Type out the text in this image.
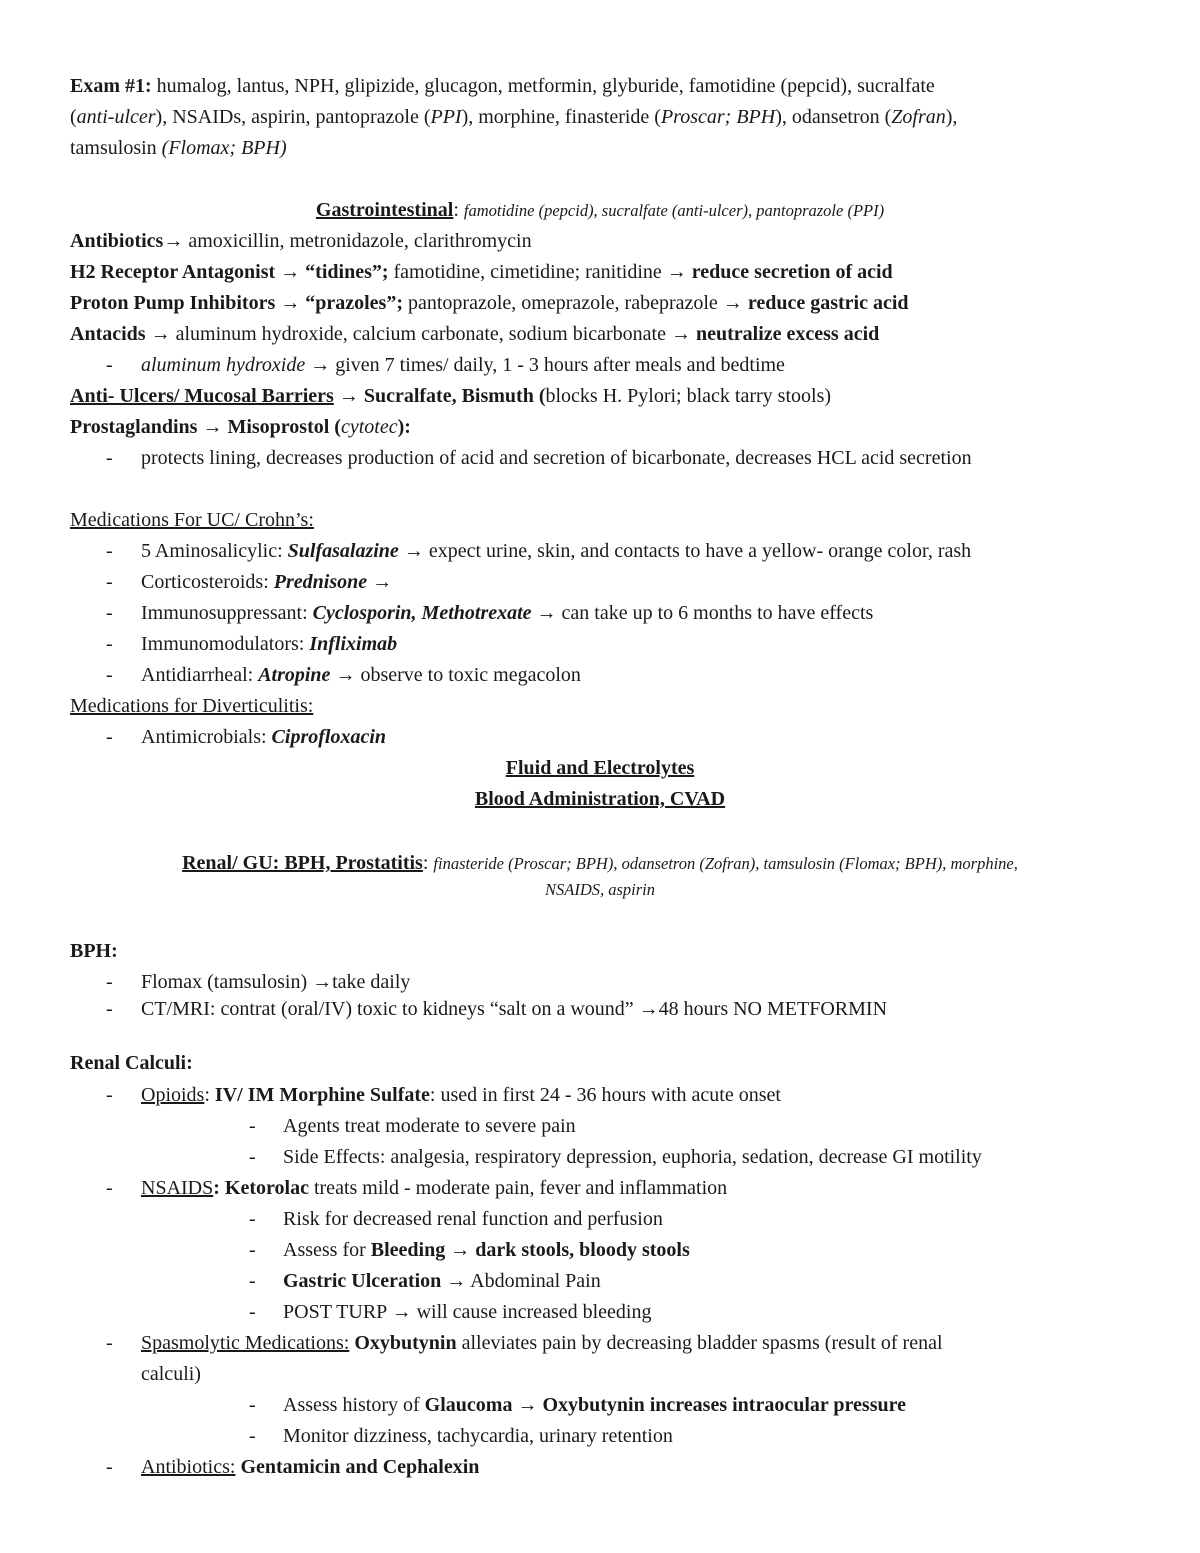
Exam #1: humalog, lantus, NPH, glipizide, glucagon, metformin, glyburide, famotidine (pepcid), sucralfate
(anti-ulcer), NSAIDs, aspirin, pantoprazole (PPI), morphine, finasteride (Proscar; BPH), odansetron (Zofran),
tamsulosin (Flomax; BPH)
Gastrointestinal: famotidine (pepcid), sucralfate (anti-ulcer), pantoprazole (PPI)
Antibiotics→ amoxicillin, metronidazole, clarithromycin
H2 Receptor Antagonist → “tidines”; famotidine, cimetidine; ranitidine → reduce secretion of acid
Proton Pump Inhibitors → “prazoles”; pantoprazole, omeprazole, rabeprazole → reduce gastric acid
Antacids → aluminum hydroxide, calcium carbonate, sodium bicarbonate → neutralize excess acid
- aluminum hydroxide → given 7 times/ daily, 1 - 3 hours after meals and bedtime
Anti- Ulcers/ Mucosal Barriers → Sucralfate, Bismuth (blocks H. Pylori; black tarry stools)
Prostaglandins → Misoprostol (cytotec):
- protects lining, decreases production of acid and secretion of bicarbonate, decreases HCL acid secretion
Medications For UC/ Crohn’s:
- 5 Aminosalicylic: Sulfasalazine → expect urine, skin, and contacts to have a yellow- orange color, rash
- Corticosteroids: Prednisone →
- Immunosuppressant: Cyclosporin, Methotrexate → can take up to 6 months to have effects
- Immunomodulators: Infliximab
- Antidiarrheal: Atropine → observe to toxic megacolon
Medications for Diverticulitis:
- Antimicrobials: Ciprofloxacin
Fluid and Electrolytes
Blood Administration, CVAD
Renal/ GU: BPH, Prostatitis: finasteride (Proscar; BPH), odansetron (Zofran), tamsulosin (Flomax; BPH), morphine,
NSAIDS, aspirin
BPH:
- Flomax (tamsulosin) →take daily
- CT/MRI: contrat (oral/IV) toxic to kidneys “salt on a wound” →48 hours NO METFORMIN
Renal Calculi:
- Opioids: IV/ IM Morphine Sulfate: used in first 24 - 36 hours with acute onset
- Agents treat moderate to severe pain
- Side Effects: analgesia, respiratory depression, euphoria, sedation, decrease GI motility
- NSAIDS: Ketorolac treats mild - moderate pain, fever and inflammation
- Risk for decreased renal function and perfusion
- Assess for Bleeding → dark stools, bloody stools
- Gastric Ulceration → Abdominal Pain
- POST TURP → will cause increased bleeding
- Spasmolytic Medications: Oxybutynin alleviates pain by decreasing bladder spasms (result of renal
calculi)
- Assess history of Glaucoma → Oxybutynin increases intraocular pressure
- Monitor dizziness, tachycardia, urinary retention
- Antibiotics: Gentamicin and Cephalexin
